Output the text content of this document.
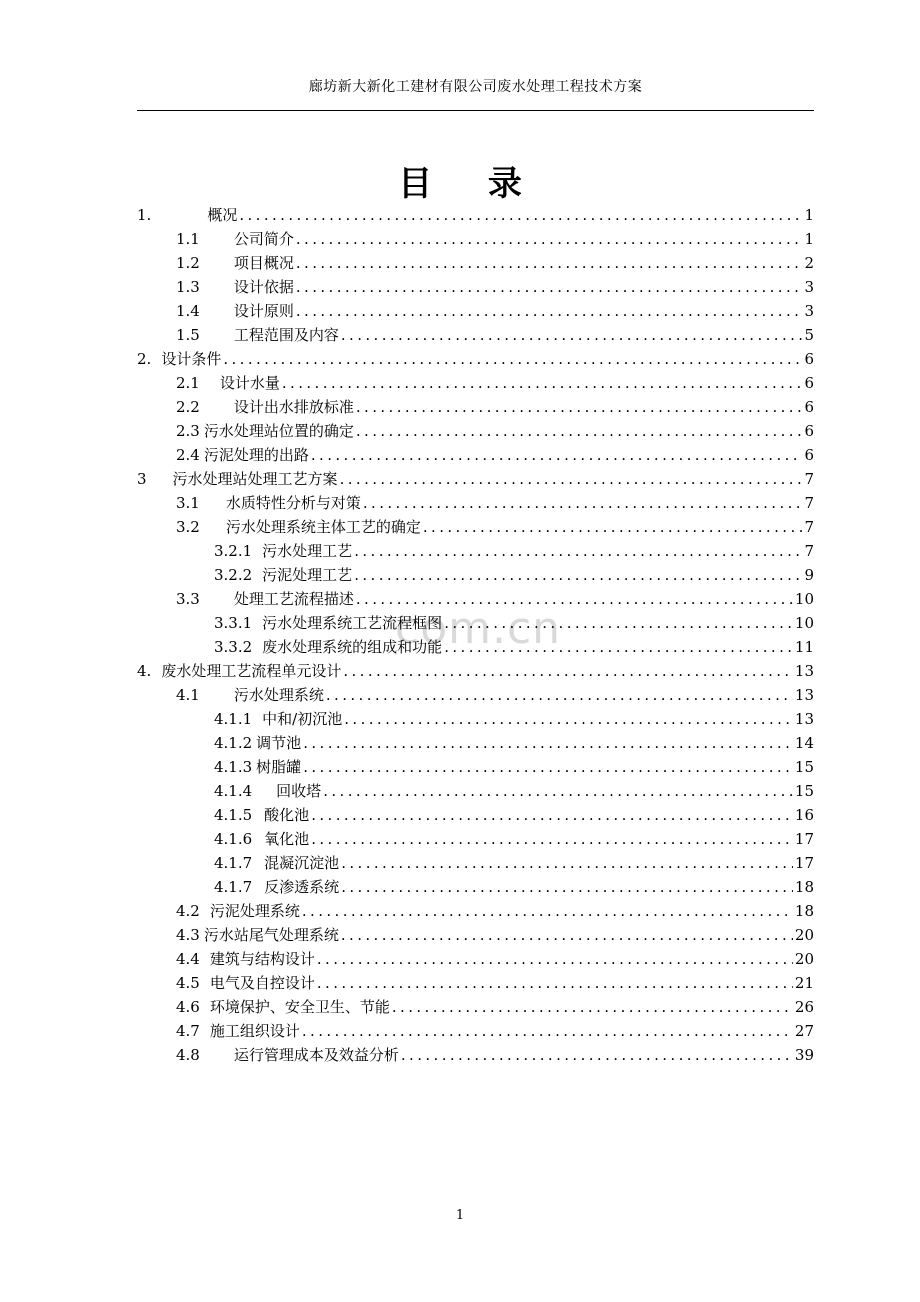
廊坊新大新化工建材有限公司废水处理工程技术方案
目 录
com.cn
1.	概况 .....	1
1.1 公司简介 .....	1
1.2 项目概况 .....	2
1.3 设计依据 .....	3
1.4 设计原则 .....	3
1.5 工程范围及内容 .....	5
2. 设计条件 .....	6
2.1 设计水量 .....	6
2.2 设计出水排放标准 .....	6
2.3 污水处理站位置的确定 .....	6
2.4 污泥处理的出路 .....	6
3 污水处理站处理工艺方案 .....	7
3.1 水质特性分析与对策 .....	7
3.2 污水处理系统主体工艺的确定 .....	7
3.2.1 污水处理工艺 .....	7
3.2.2 污泥处理工艺 .....	9
3.3 处理工艺流程描述 .....	10
3.3.1 污水处理系统工艺流程框图 .....	10
3.3.2 废水处理系统的组成和功能 .....	11
4. 废水处理工艺流程单元设计 .....	13
4.1 污水处理系统 .....	13
4.1.1 中和/初沉池 .....	13
4.1.2 调节池 .....	14
4.1.3 树脂罐 .....	15
4.1.4 回收塔 .....	15
4.1.5 酸化池 .....	16
4.1.6 氧化池 .....	17
4.1.7 混凝沉淀池 .....	17
4.1.7 反渗透系统 .....	18
4.2 污泥处理系统 .....	18
4.3 污水站尾气处理系统 .....	20
4.4 建筑与结构设计 .....	20
4.5 电气及自控设计 .....	21
4.6 环境保护、安全卫生、节能 .....	26
4.7 施工组织设计 .....	27
4.8 运行管理成本及效益分析 .....	39
1
